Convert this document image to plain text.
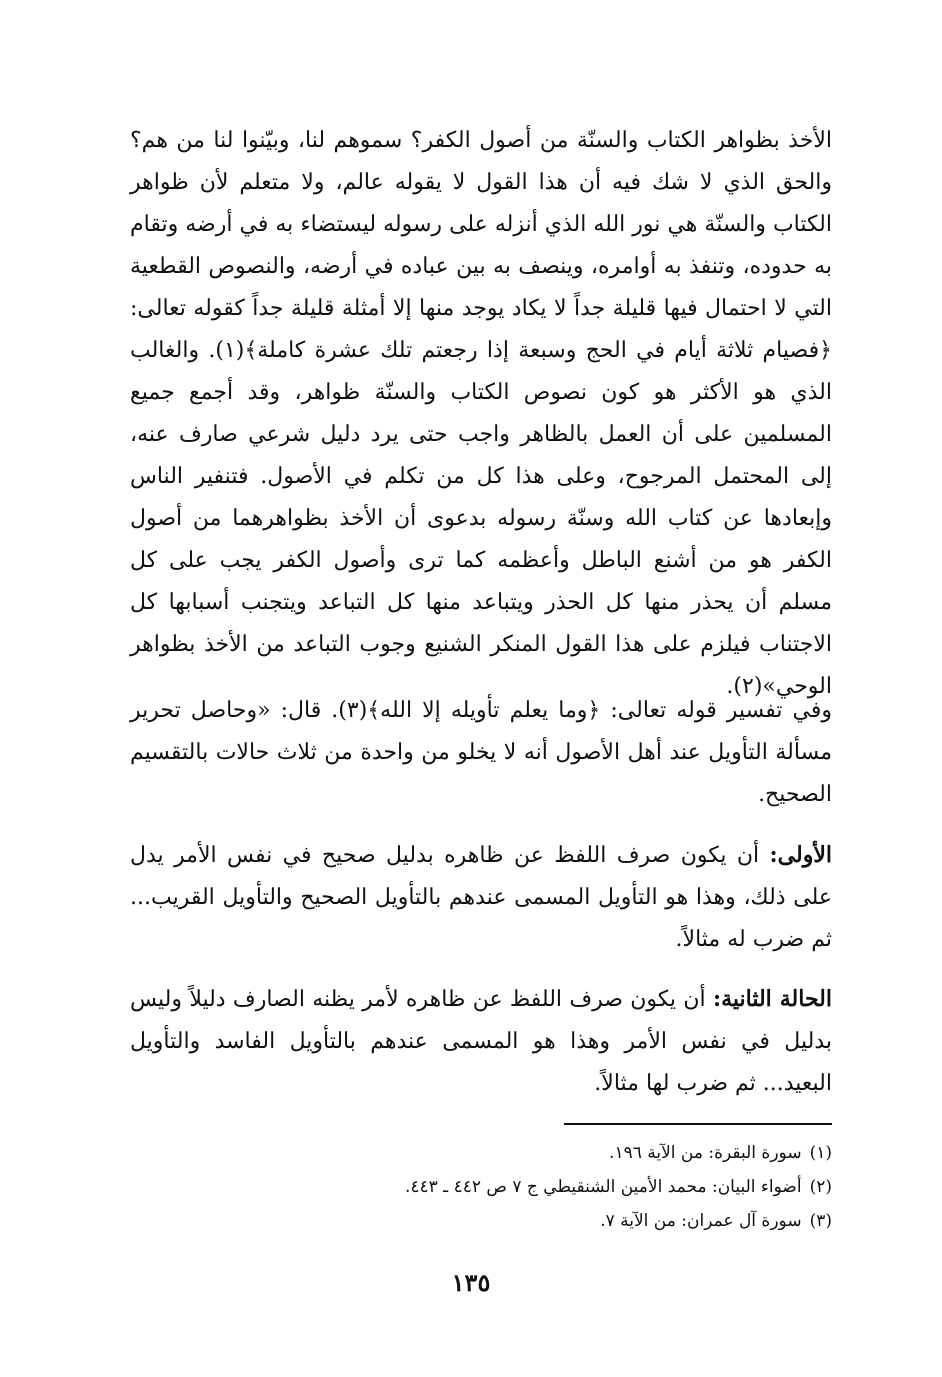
الأخذ بظواهر الكتاب والسنّة من أصول الكفر؟ سموهم لنا، وبيّنوا لنا من هم؟ والحق الذي لا شك فيه أن هذا القول لا يقوله عالم، ولا متعلم لأن ظواهر الكتاب والسنّة هي نور الله الذي أنزله على رسوله ليستضاء به في أرضه وتقام به حدوده، وتنفذ به أوامره، وينصف به بين عباده في أرضه، والنصوص القطعية التي لا احتمال فيها قليلة جداً لا يكاد يوجد منها إلا أمثلة قليلة جداً كقوله تعالى: ﴿فصيام ثلاثة أيام في الحج وسبعة إذا رجعتم تلك عشرة كاملة﴾(١). والغالب الذي هو الأكثر هو كون نصوص الكتاب والسنّة ظواهر، وقد أجمع جميع المسلمين على أن العمل بالظاهر واجب حتى يرد دليل شرعي صارف عنه، إلى المحتمل المرجوح، وعلى هذا كل من تكلم في الأصول. فتنفير الناس وإبعادها عن كتاب الله وسنّة رسوله بدعوى أن الأخذ بظواهرهما من أصول الكفر هو من أشنع الباطل وأعظمه كما ترى وأصول الكفر يجب على كل مسلم أن يحذر منها كل الحذر ويتباعد منها كل التباعد ويتجنب أسبابها كل الاجتناب فيلزم على هذا القول المنكر الشنيع وجوب التباعد من الأخذ بظواهر الوحي»(٢).

وفي تفسير قوله تعالى: ﴿وما يعلم تأويله إلا الله﴾(٣). قال: «وحاصل تحرير مسألة التأويل عند أهل الأصول أنه لا يخلو من واحدة من ثلاث حالات بالتقسيم الصحيح.

الأولى: أن يكون صرف اللفظ عن ظاهره بدليل صحيح في نفس الأمر يدل على ذلك، وهذا هو التأويل المسمى عندهم بالتأويل الصحيح والتأويل القريب... ثم ضرب له مثالاً.

الحالة الثانية: أن يكون صرف اللفظ عن ظاهره لأمر يظنه الصارف دليلاً وليس بدليل في نفس الأمر وهذا هو المسمى عندهم بالتأويل الفاسد والتأويل البعيد... ثم ضرب لها مثالاً.

(١)سورة البقرة: من الآية ١٩٦.
(٢)أضواء البيان: محمد الأمين الشنقيطي ج ٧ ص ٤٤٢ ـ ٤٤٣.
(٣)سورة آل عمران: من الآية ٧.
١٣٥
